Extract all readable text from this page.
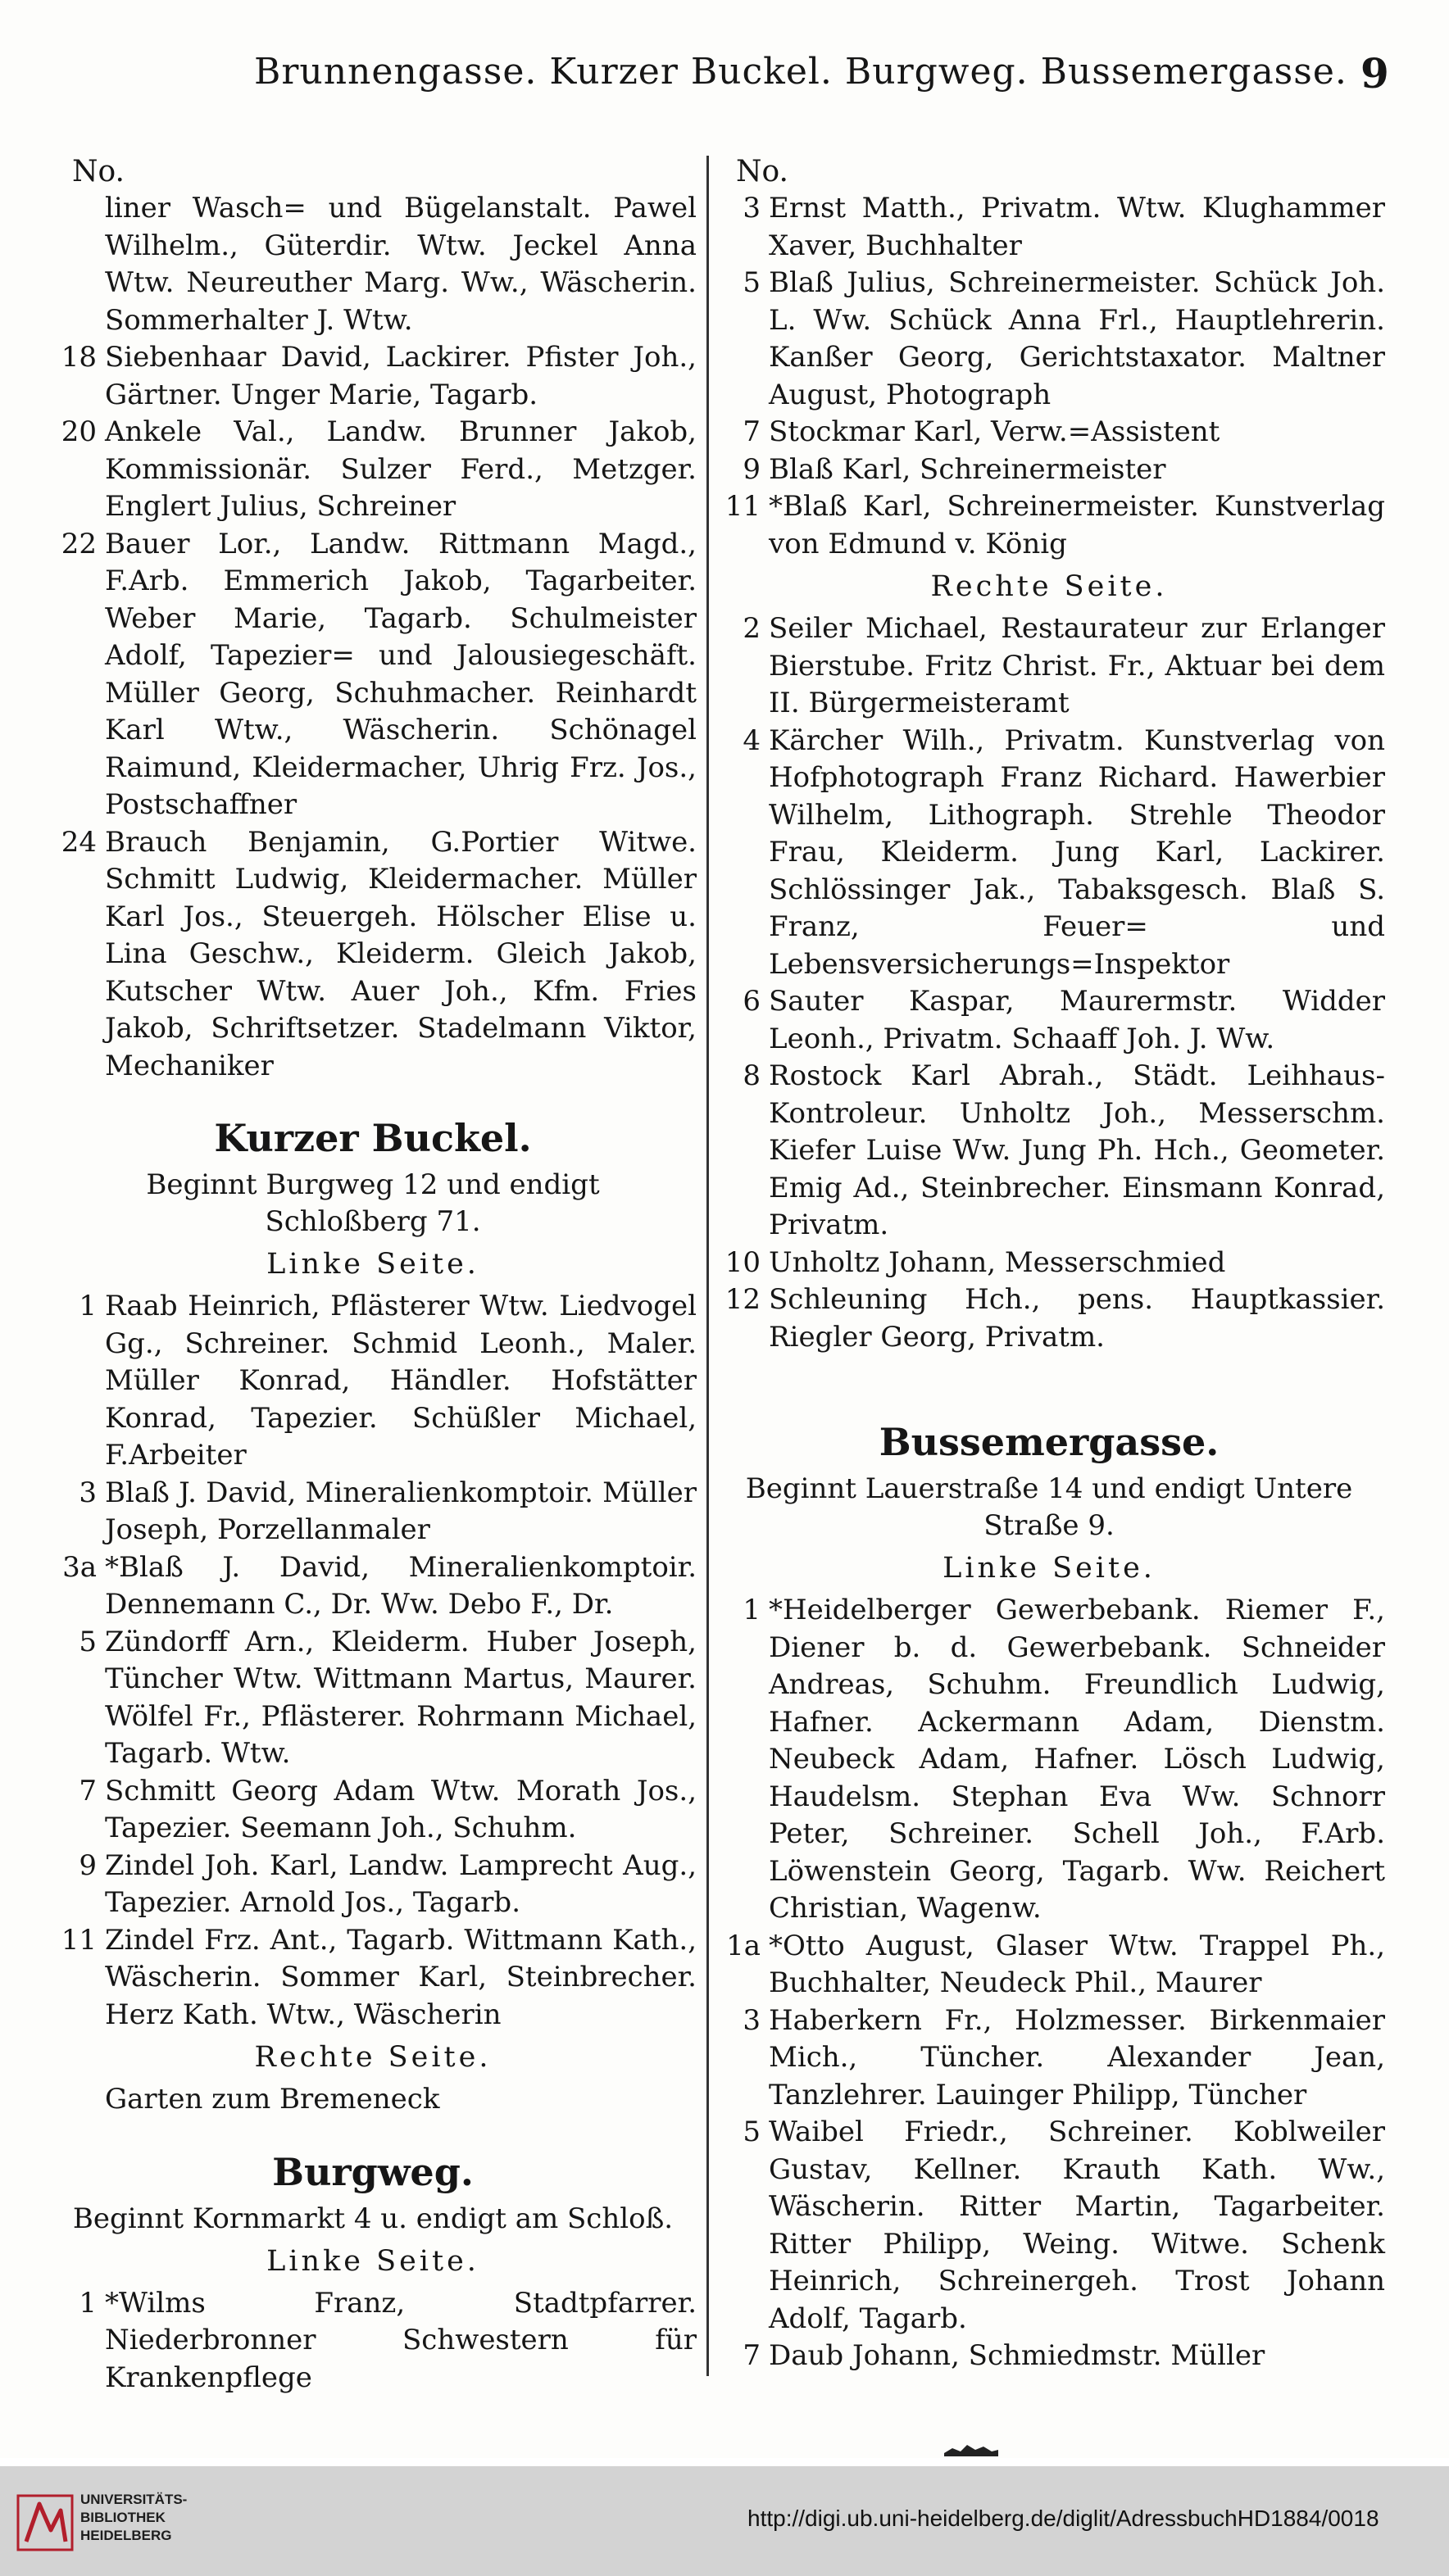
Brunnengasse. Kurzer Buckel. Burgweg. Bussemergasse. 9
No.
liner Wasch= und Bügelanstalt. Pawel Wilhelm., Güterdir. Wtw. Jeckel Anna Wtw. Neureuther Marg. Ww., Wäscherin. Sommerhalter J. Wtw.
18 Siebenhaar David, Lackirer. Pfister Joh., Gärtner. Unger Marie, Tagarb.
20 Ankele Val., Landw. Brunner Jakob, Kommissionär. Sulzer Ferd., Metzger. Englert Julius, Schreiner
22 Bauer Lor., Landw. Rittmann Magd., F.Arb. Emmerich Jakob, Tagarbeiter. Weber Marie, Tagarb. Schulmeister Adolf, Tapezier= und Jalousiegeschäft. Müller Georg, Schuhmacher. Reinhardt Karl Wtw., Wäscherin. Schönagel Raimund, Kleidermacher, Uhrig Frz. Jos., Postschaffner
24 Brauch Benjamin, G.Portier Witwe. Schmitt Ludwig, Kleidermacher. Müller Karl Jos., Steuergeh. Hölscher Elise u. Lina Geschw., Kleiderm. Gleich Jakob, Kutscher Wtw. Auer Joh., Kfm. Fries Jakob, Schriftsetzer. Stadelmann Viktor, Mechaniker
Kurzer Buckel.
Beginnt Burgweg 12 und endigt Schloßberg 71.
Linke Seite.
1 Raab Heinrich, Pflästerer Wtw. Liedvogel Gg., Schreiner. Schmid Leonh., Maler. Müller Konrad, Händler. Hofstätter Konrad, Tapezier. Schüßler Michael, F.Arbeiter
3 Blaß J. David, Mineralienkomptoir. Müller Joseph, Porzellanmaler
3a *Blaß J. David, Mineralienkomptoir. Dennemann C., Dr. Ww. Debo F., Dr.
5 Zündorff Arn., Kleiderm. Huber Joseph, Tüncher Wtw. Wittmann Martus, Maurer. Wölfel Fr., Pflästerer. Rohrmann Michael, Tagarb. Wtw.
7 Schmitt Georg Adam Wtw. Morath Jos., Tapezier. Seemann Joh., Schuhm.
9 Zindel Joh. Karl, Landw. Lamprecht Aug., Tapezier. Arnold Jos., Tagarb.
11 Zindel Frz. Ant., Tagarb. Wittmann Kath., Wäscherin. Sommer Karl, Steinbrecher. Herz Kath. Wtw., Wäscherin
Rechte Seite.
Garten zum Bremeneck
Burgweg.
Beginnt Kornmarkt 4 u. endigt am Schloß.
Linke Seite.
1 *Wilms Franz, Stadtpfarrer. Niederbronner Schwestern für Krankenpflege
No.
3 Ernst Matth., Privatm. Wtw. Klughammer Xaver, Buchhalter
5 Blaß Julius, Schreinermeister. Schück Joh. L. Ww. Schück Anna Frl., Hauptlehrerin. Kanßer Georg, Gerichtstaxator. Maltner August, Photograph
7 Stockmar Karl, Verw.=Assistent
9 Blaß Karl, Schreinermeister
11 *Blaß Karl, Schreinermeister. Kunstverlag von Edmund v. König
Rechte Seite.
2 Seiler Michael, Restaurateur zur Erlanger Bierstube. Fritz Christ. Fr., Aktuar bei dem II. Bürgermeisteramt
4 Kärcher Wilh., Privatm. Kunstverlag von Hofphotograph Franz Richard. Hawerbier Wilhelm, Lithograph. Strehle Theodor Frau, Kleiderm. Jung Karl, Lackirer. Schlössinger Jak., Tabaksgesch. Blaß S. Franz, Feuer= und Lebensversicherungs=Inspektor
6 Sauter Kaspar, Maurermstr. Widder Leonh., Privatm. Schaaff Joh. J. Ww.
8 Rostock Karl Abrah., Städt. Leihhaus-Kontroleur. Unholtz Joh., Messerschm. Kiefer Luise Ww. Jung Ph. Hch., Geometer. Emig Ad., Steinbrecher. Einsmann Konrad, Privatm.
10 Unholtz Johann, Messerschmied
12 Schleuning Hch., pens. Hauptkassier. Riegler Georg, Privatm.
Bussemergasse.
Beginnt Lauerstraße 14 und endigt Untere Straße 9.
Linke Seite.
1 *Heidelberger Gewerbebank. Riemer F., Diener b. d. Gewerbebank. Schneider Andreas, Schuhm. Freundlich Ludwig, Hafner. Ackermann Adam, Dienstm. Neubeck Adam, Hafner. Lösch Ludwig, Haudelsm. Stephan Eva Ww. Schnorr Peter, Schreiner. Schell Joh., F.Arb. Löwenstein Georg, Tagarb. Ww. Reichert Christian, Wagenw.
1a *Otto August, Glaser Wtw. Trappel Ph., Buchhalter, Neudeck Phil., Maurer
3 Haberkern Fr., Holzmesser. Birkenmaier Mich., Tüncher. Alexander Jean, Tanzlehrer. Lauinger Philipp, Tüncher
5 Waibel Friedr., Schreiner. Koblweiler Gustav, Kellner. Krauth Kath. Ww., Wäscherin. Ritter Martin, Tagarbeiter. Ritter Philipp, Weing. Witwe. Schenk Heinrich, Schreinergeh. Trost Johann Adolf, Tagarb.
7 Daub Johann, Schmiedmstr. Müller
UNIVERSITÄTS-
BIBLIOTHEK
HEIDELBERG
http://digi.ub.uni-heidelberg.de/diglit/AdressbuchHD1884/0018
